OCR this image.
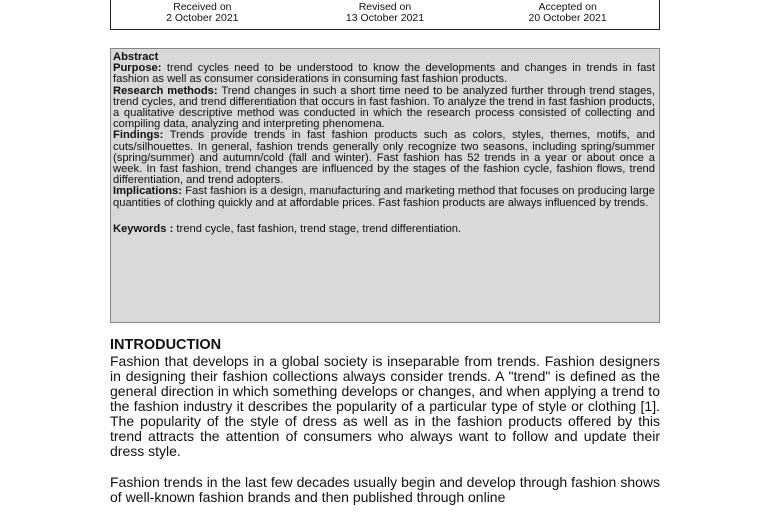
Received on
2 October 2021
Revised on
13 October 2021
Accepted on
20 October 2021

Abstract

Purpose: trend cycles need to be understood to know the developments and changes in trends in fast fashion as well as consumer considerations in consuming fast fashion products.

Research methods: Trend changes in such a short time need to be analyzed further through trend stages, trend cycles, and trend differentiation that occurs in fast fashion. To analyze the trend in fast fashion products, a qualitative descriptive method was conducted in which the research process consisted of collecting and compiling data, analyzing and interpreting phenomena.

Findings: Trends provide trends in fast fashion products such as colors, styles, themes, motifs, and cuts/silhouettes. In general, fashion trends generally only recognize two seasons, including spring/summer (spring/summer) and autumn/cold (fall and winter). Fast fashion has 52 trends in a year or about once a week. In fast fashion, trend changes are influenced by the stages of the fashion cycle, fashion flows, trend differentiation, and trend adopters.

Implications: Fast fashion is a design, manufacturing and marketing method that focuses on producing large quantities of clothing quickly and at affordable prices. Fast fashion products are always influenced by trends.

Keywords : trend cycle, fast fashion, trend stage, trend differentiation.

INTRODUCTION

Fashion that develops in a global society is inseparable from trends. Fashion designers in designing their fashion collections always consider trends. A "trend" is defined as the general direction in which something develops or changes, and when applying a trend to the fashion industry it describes the popularity of a particular type of style or clothing [1]. The popularity of the style of dress as well as in the fashion products offered by this trend attracts the attention of consumers who always want to follow and update their dress style.

Fashion trends in the last few decades usually begin and develop through fashion shows of well-known fashion brands and then published through online
